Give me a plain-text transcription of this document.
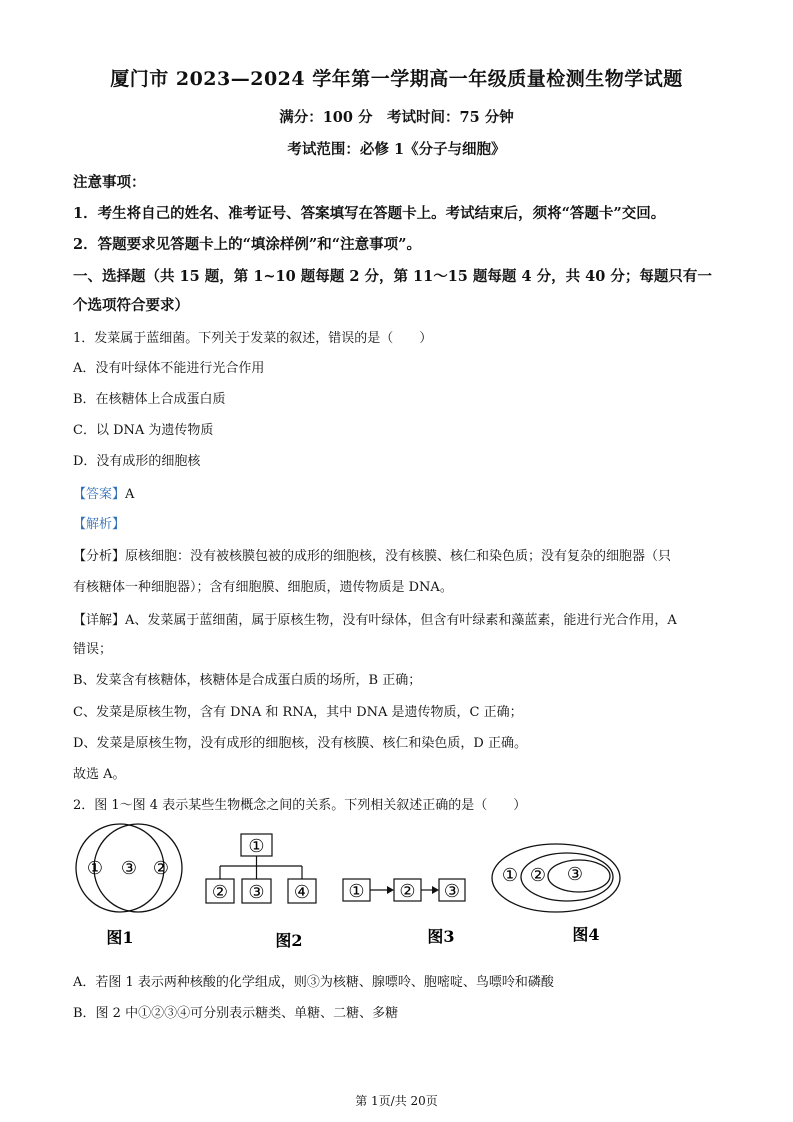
厦门市 2023—2024 学年第一学期高一年级质量检测生物学试题
满分：100 分　考试时间：75 分钟
考试范围：必修 1《分子与细胞》
注意事项：
1．考生将自己的姓名、准考证号、答案填写在答题卡上。考试结束后，须将“答题卡”交回。
2．答题要求见答题卡上的“填涂样例”和“注意事项”。
一、选择题（共 15 题，第 1~10 题每题 2 分，第 11～15 题每题 4 分，共 40 分；每题只有一
个选项符合要求）
1．发菜属于蓝细菌。下列关于发菜的叙述，错误的是（　　）
A．没有叶绿体不能进行光合作用
B．在核糖体上合成蛋白质
C．以 DNA 为遗传物质
D．没有成形的细胞核
【答案】A
【解析】
【分析】原核细胞：没有被核膜包被的成形的细胞核，没有核膜、核仁和染色质；没有复杂的细胞器（只
有核糖体一种细胞器）；含有细胞膜、细胞质，遗传物质是 DNA。
【详解】A、发菜属于蓝细菌，属于原核生物，没有叶绿体，但含有叶绿素和藻蓝素，能进行光合作用，A
错误；
B、发菜含有核糖体，核糖体是合成蛋白质的场所，B 正确；
C、发菜是原核生物，含有 DNA 和 RNA，其中 DNA 是遗传物质，C 正确；
D、发菜是原核生物，没有成形的细胞核，没有核膜、核仁和染色质，D 正确。
故选 A。
2．图 1～图 4 表示某些生物概念之间的关系。下列相关叙述正确的是（　　）
① ③ ②
图1
①
② ③ ④
图2
① ② ③
图3
① ② ③
图4
A．若图 1 表示两种核酸的化学组成，则③为核糖、腺嘌呤、胞嘧啶、鸟嘌呤和磷酸
B．图 2 中①②③④可分别表示糖类、单糖、二糖、多糖
第 1页/共 20页
